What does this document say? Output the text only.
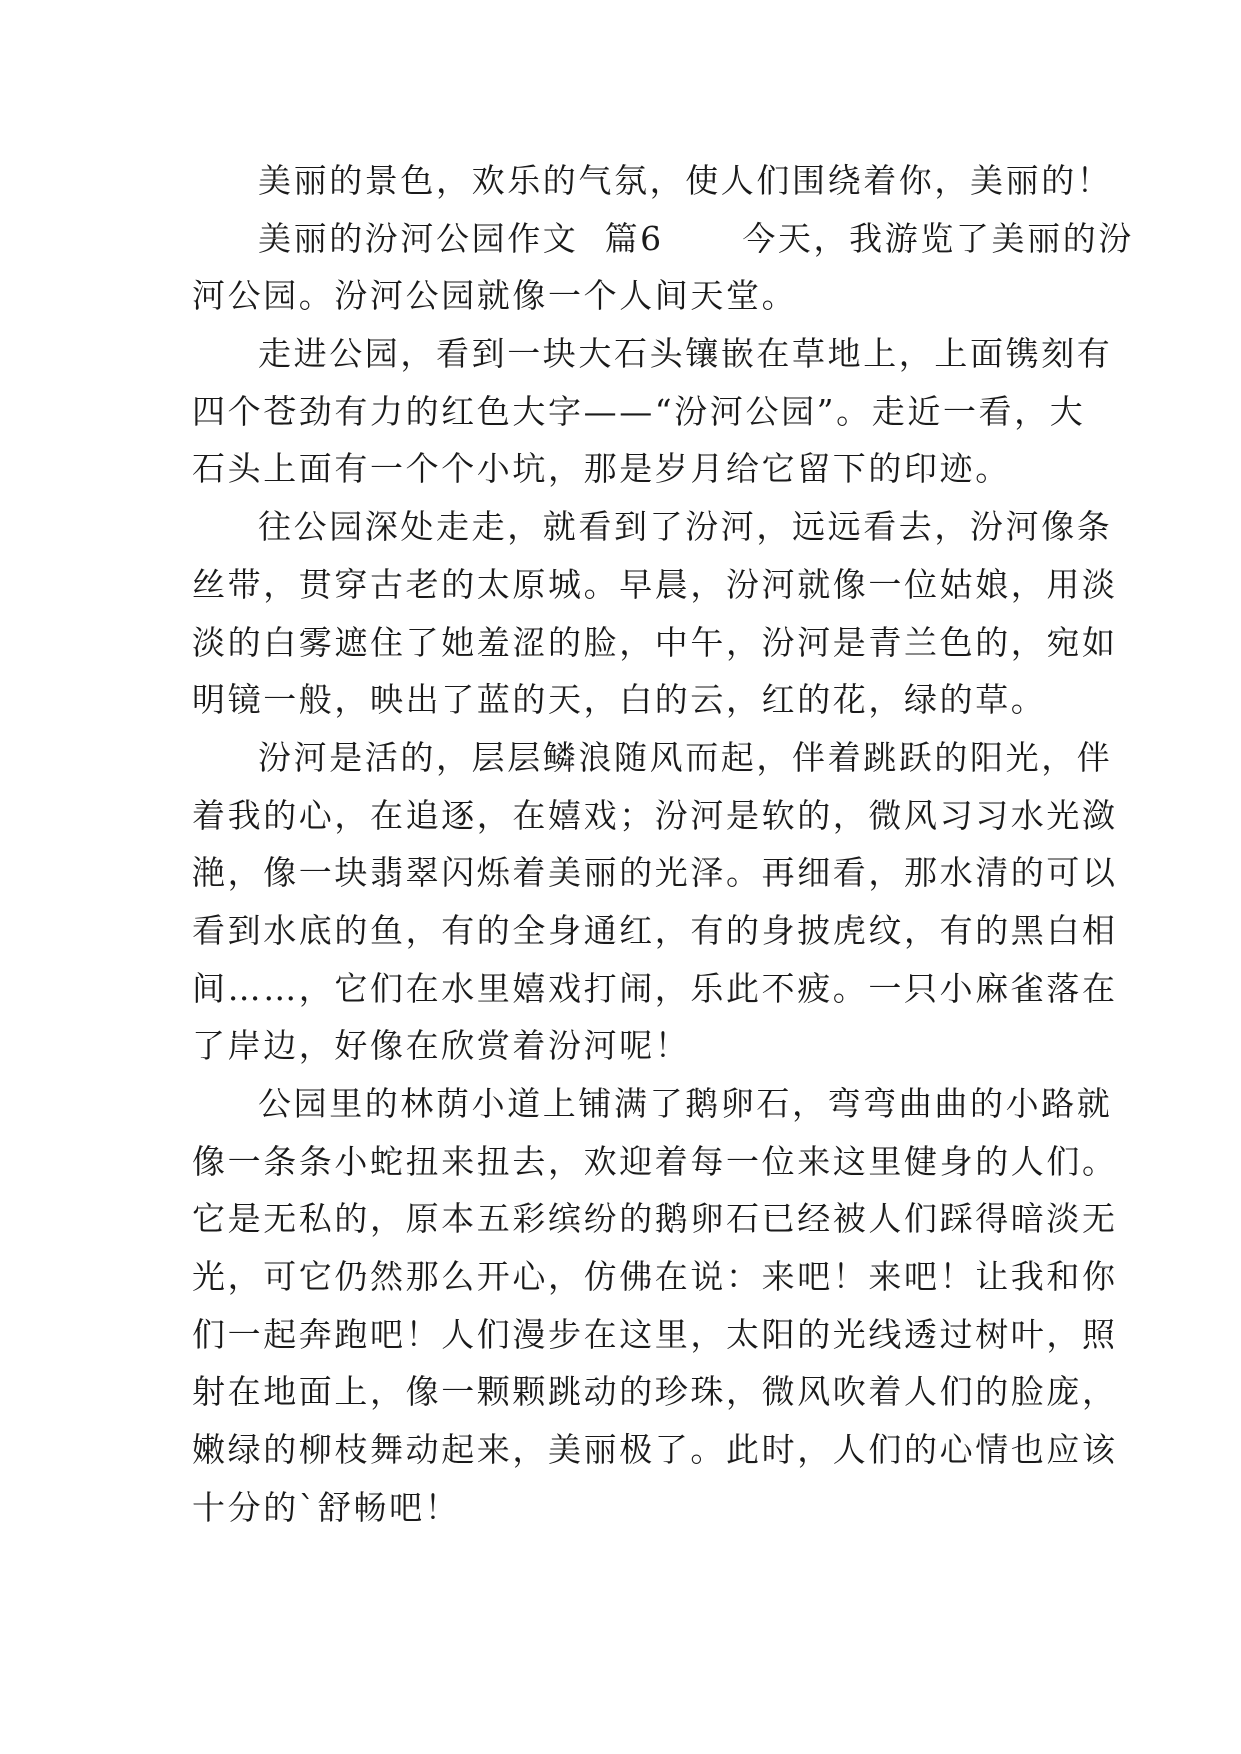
美丽的景色，欢乐的气氛，使人们围绕着你，美丽的！
美丽的汾河公园作文  篇6      今天，我游览了美丽的汾
河公园。汾河公园就像一个人间天堂。
走进公园，看到一块大石头镶嵌在草地上，上面镌刻有
四个苍劲有力的红色大字——“汾河公园”。走近一看，大
石头上面有一个个小坑，那是岁月给它留下的印迹。
往公园深处走走，就看到了汾河，远远看去，汾河像条
丝带，贯穿古老的太原城。早晨，汾河就像一位姑娘，用淡
淡的白雾遮住了她羞涩的脸，中午，汾河是青兰色的，宛如
明镜一般，映出了蓝的天，白的云，红的花，绿的草。
汾河是活的，层层鳞浪随风而起，伴着跳跃的阳光，伴
着我的心，在追逐，在嬉戏；汾河是软的，微风习习水光潋
滟，像一块翡翠闪烁着美丽的光泽。再细看，那水清的可以
看到水底的鱼，有的全身通红，有的身披虎纹，有的黑白相
间……，它们在水里嬉戏打闹，乐此不疲。一只小麻雀落在
了岸边，好像在欣赏着汾河呢！
公园里的林荫小道上铺满了鹅卵石，弯弯曲曲的小路就
像一条条小蛇扭来扭去，欢迎着每一位来这里健身的人们。
它是无私的，原本五彩缤纷的鹅卵石已经被人们踩得暗淡无
光，可它仍然那么开心，仿佛在说：来吧！来吧！让我和你
们一起奔跑吧！人们漫步在这里，太阳的光线透过树叶，照
射在地面上，像一颗颗跳动的珍珠，微风吹着人们的脸庞，
嫩绿的柳枝舞动起来，美丽极了。此时，人们的心情也应该
十分的`舒畅吧！
